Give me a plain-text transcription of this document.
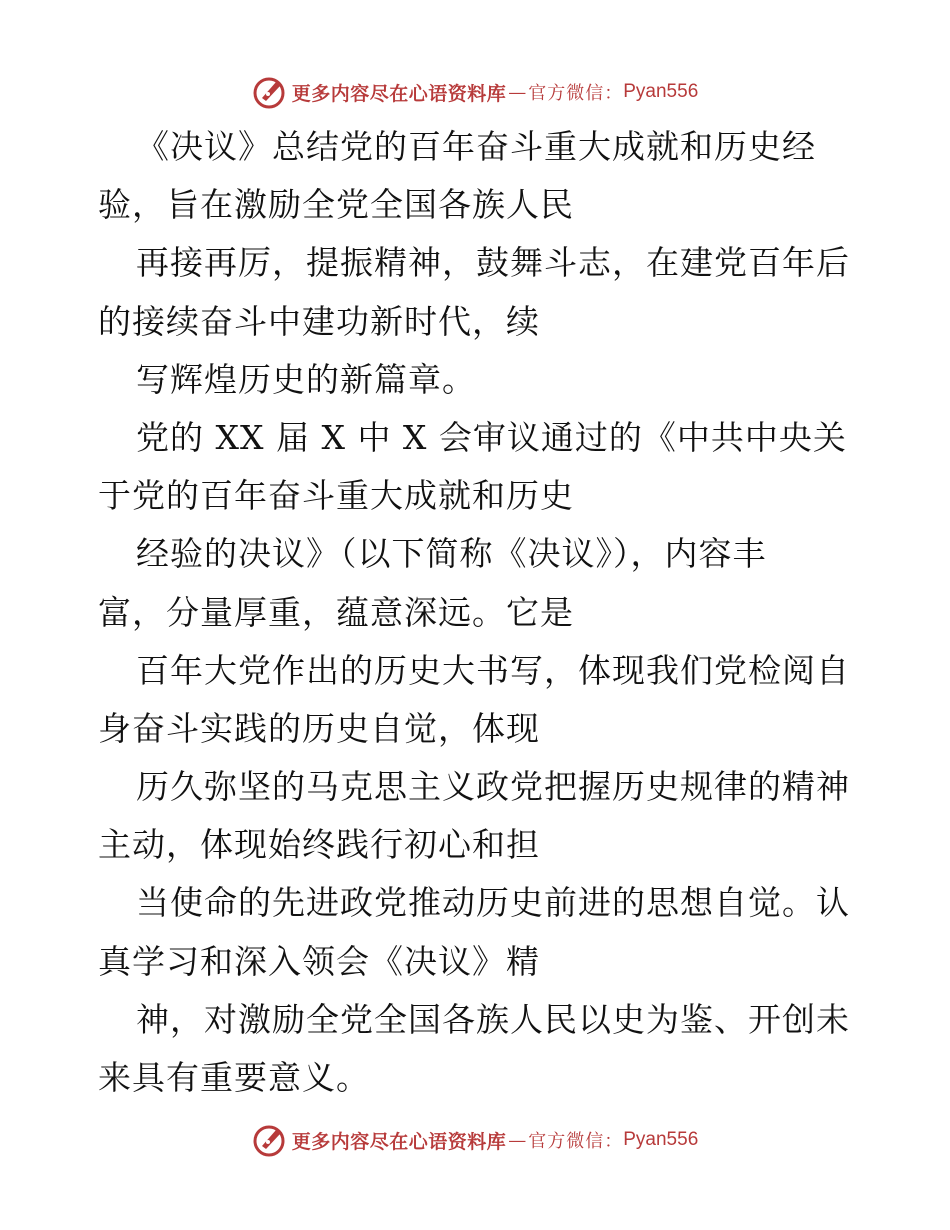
更多内容尽在心语资料库 — 官方微信： Pyan556
《决议》总结党的百年奋斗重大成就和历史经
验，旨在激励全党全国各族人民
再接再厉，提振精神，鼓舞斗志，在建党百年后
的接续奋斗中建功新时代，续
写辉煌历史的新篇章。
党的 XX 届 X 中 X 会审议通过的《中共中央关
于党的百年奋斗重大成就和历史
经验的决议》（以下简称《决议》），内容丰
富，分量厚重，蕴意深远。它是
百年大党作出的历史大书写，体现我们党检阅自
身奋斗实践的历史自觉，体现
历久弥坚的马克思主义政党把握历史规律的精神
主动，体现始终践行初心和担
当使命的先进政党推动历史前进的思想自觉。认
真学习和深入领会《决议》精
神，对激励全党全国各族人民以史为鉴、开创未
来具有重要意义。
更多内容尽在心语资料库 — 官方微信： Pyan556
